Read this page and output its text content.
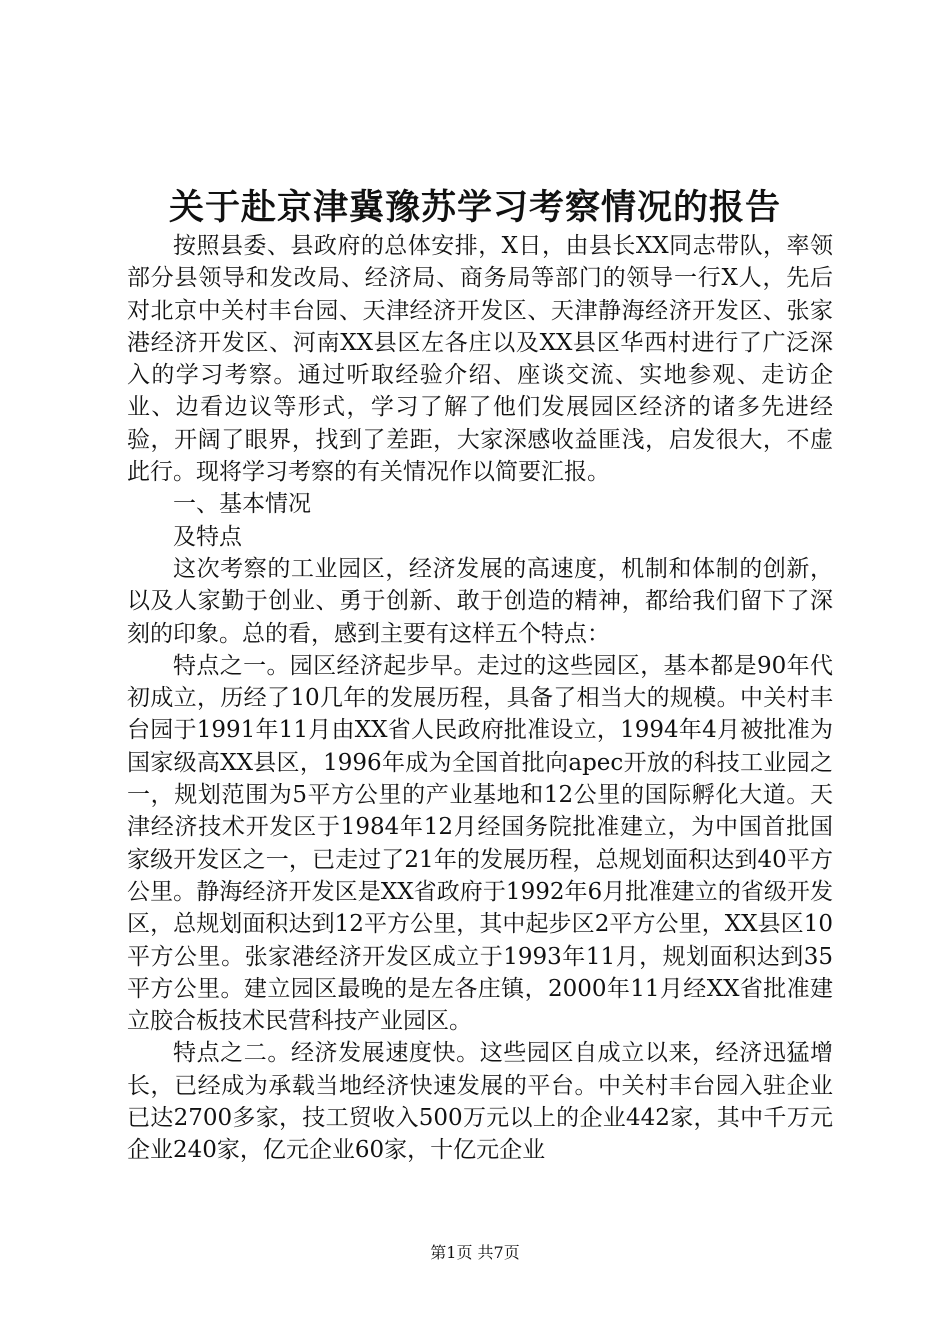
关于赴京津冀豫苏学习考察情况的报告

按照县委、县政府的总体安排，X日，由县长XX同志带队，率领部分县领导和发改局、经济局、商务局等部门的领导一行X人，先后对北京中关村丰台园、天津经济开发区、天津静海经济开发区、张家港经济开发区、河南XX县区左各庄以及XX县区华西村进行了广泛深入的学习考察。通过听取经验介绍、座谈交流、实地参观、走访企业、边看边议等形式，学习了解了他们发展园区经济的诸多先进经验，开阔了眼界，找到了差距，大家深感收益匪浅，启发很大，不虚此行。现将学习考察的有关情况作以简要汇报。

一、基本情况

及特点

这次考察的工业园区，经济发展的高速度，机制和体制的创新，以及人家勤于创业、勇于创新、敢于创造的精神，都给我们留下了深刻的印象。总的看，感到主要有这样五个特点：

特点之一。园区经济起步早。走过的这些园区，基本都是90年代初成立，历经了10几年的发展历程，具备了相当大的规模。中关村丰台园于1991年11月由XX省人民政府批准设立，1994年4月被批准为国家级高XX县区，1996年成为全国首批向apec开放的科技工业园之一，规划范围为5平方公里的产业基地和12公里的国际孵化大道。天津经济技术开发区于1984年12月经国务院批准建立，为中国首批国家级开发区之一，已走过了21年的发展历程，总规划面积达到40平方公里。静海经济开发区是XX省政府于1992年6月批准建立的省级开发区，总规划面积达到12平方公里，其中起步区2平方公里，XX县区10平方公里。张家港经济开发区成立于1993年11月，规划面积达到35平方公里。建立园区最晚的是左各庄镇，2000年11月经XX省批准建立胶合板技术民营科技产业园区。

特点之二。经济发展速度快。这些园区自成立以来，经济迅猛增长，已经成为承载当地经济快速发展的平台。中关村丰台园入驻企业已达2700多家，技工贸收入500万元以上的企业442家，其中千万元企业240家，亿元企业60家，十亿元企业

第1页 共7页
